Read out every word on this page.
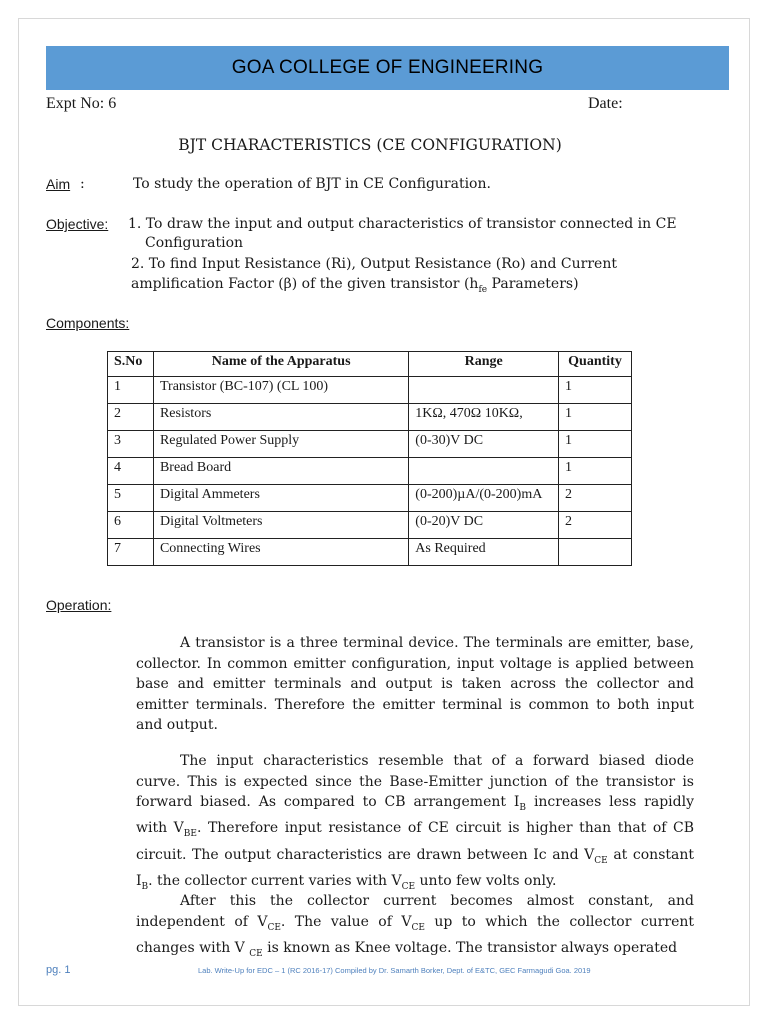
GOA COLLEGE OF ENGINEERING
Expt No: 6	Date:
BJT CHARACTERISTICS (CE CONFIGURATION)
Aim :	To study the operation of BJT in CE Configuration.
Objective: 1. To draw the input and output characteristics of transistor connected in CE
Configuration
2. To find Input Resistance (Ri), Output Resistance (Ro) and Current
amplification Factor (β) of the given transistor ($h_{fe}$ Parameters)
Components:
S.No	Name of the Apparatus	Range	Quantity
1	Transistor (BC-107) (CL 100)		1
2	Resistors	1KΩ, 470Ω 10KΩ,	1
3	Regulated Power Supply	(0-30)V DC	1
4	Bread Board		1
5	Digital Ammeters	(0-200)µA/(0-200)mA	2
6	Digital Voltmeters	(0-20)V DC	2
7	Connecting Wires	As Required	
Operation:
A transistor is a three terminal device. The terminals are emitter, base, collector. In common emitter configuration, input voltage is applied between base and emitter terminals and output is taken across the collector and emitter terminals. Therefore the emitter terminal is common to both input and output.
The input characteristics resemble that of a forward biased diode curve. This is expected since the Base-Emitter junction of the transistor is forward biased. As compared to CB arrangement $I_B$ increases less rapidly with $V_{BE}$. Therefore input resistance of CE circuit is higher than that of CB circuit. The output characteristics are drawn between Ic and $V_{CE}$ at constant $I_B$. the collector current varies with $V_{CE}$ unto few volts only.
After this the collector current becomes almost constant, and independent of $V_{CE}$. The value of $V_{CE}$ up to which the collector current changes with V $_{CE}$ is known as Knee voltage. The transistor always operated
pg. 1	Lab. Write-Up for EDC – 1 (RC 2016-17) Compiled by Dr. Samarth Borker, Dept. of E&TC, GEC Farmagudi Goa. 2019
